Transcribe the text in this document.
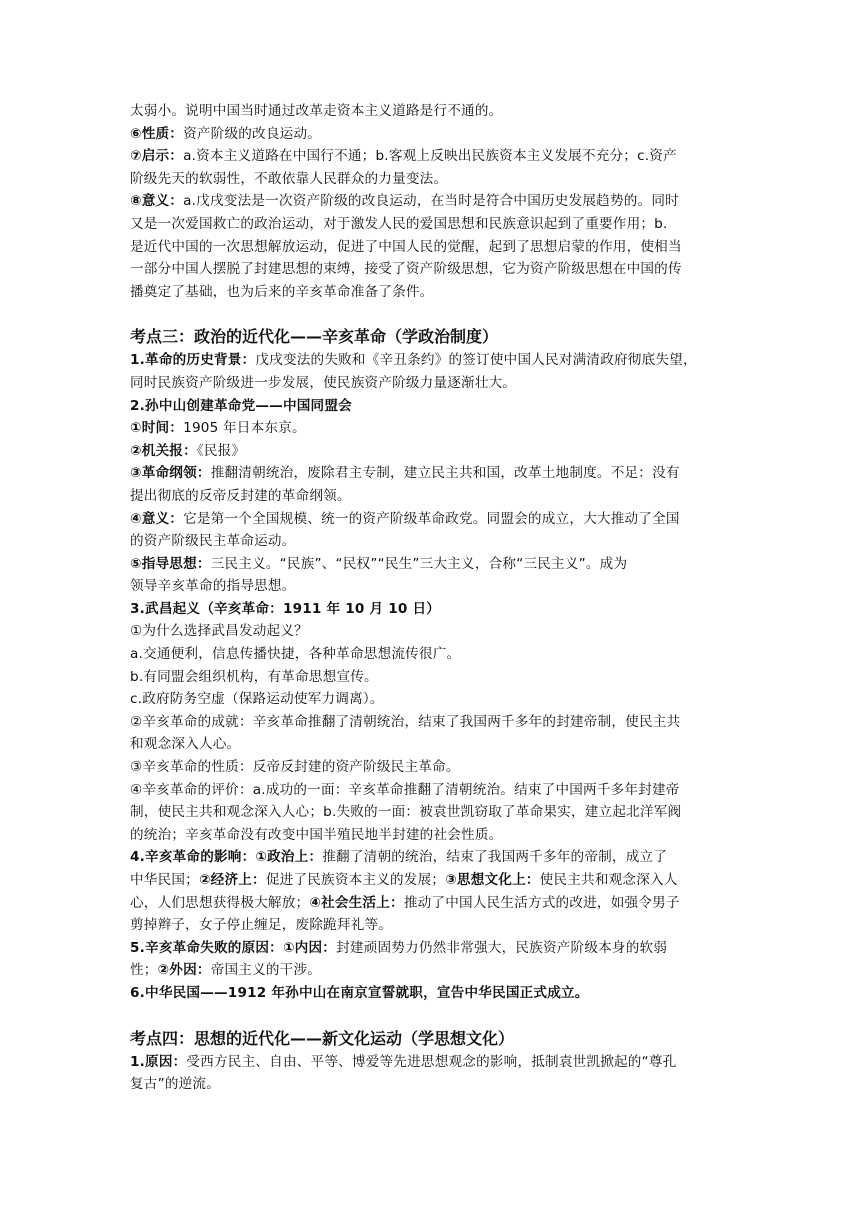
太弱小。说明中国当时通过改革走资本主义道路是行不通的。
⑥性质：资产阶级的改良运动。
⑦启示：a.资本主义道路在中国行不通；b.客观上反映出民族资本主义发展不充分；c.资产
阶级先天的软弱性，不敢依靠人民群众的力量变法。
⑧意义：a.戊戌变法是一次资产阶级的改良运动，在当时是符合中国历史发展趋势的。同时
又是一次爱国救亡的政治运动，对于激发人民的爱国思想和民族意识起到了重要作用；b.
是近代中国的一次思想解放运动，促进了中国人民的觉醒，起到了思想启蒙的作用，使相当
一部分中国人摆脱了封建思想的束缚，接受了资产阶级思想，它为资产阶级思想在中国的传
播奠定了基础，也为后来的辛亥革命准备了条件。
考点三：政治的近代化——辛亥革命（学政治制度）
1.革命的历史背景：戊戌变法的失败和《辛丑条约》的签订使中国人民对满清政府彻底失望，
同时民族资产阶级进一步发展，使民族资产阶级力量逐渐壮大。
2.孙中山创建革命党——中国同盟会
①时间：1905 年日本东京。
②机关报：《民报》
③革命纲领：推翻清朝统治，废除君主专制，建立民主共和国，改革土地制度。不足：没有
提出彻底的反帝反封建的革命纲领。
④意义：它是第一个全国规模、统一的资产阶级革命政党。同盟会的成立，大大推动了全国
的资产阶级民主革命运动。
⑤指导思想：三民主义。“民族”、“民权”“民生”三大主义，合称“三民主义”。成为
领导辛亥革命的指导思想。
3.武昌起义（辛亥革命：1911 年 10 月 10 日）
①为什么选择武昌发动起义？
a.交通便利，信息传播快捷，各种革命思想流传很广。
b.有同盟会组织机构，有革命思想宣传。
c.政府防务空虚（保路运动使军力调离）。
②辛亥革命的成就：辛亥革命推翻了清朝统治，结束了我国两千多年的封建帝制，使民主共
和观念深入人心。
③辛亥革命的性质：反帝反封建的资产阶级民主革命。
④辛亥革命的评价：a.成功的一面：辛亥革命推翻了清朝统治。结束了中国两千多年封建帝
制，使民主共和观念深入人心；b.失败的一面：被袁世凯窃取了革命果实，建立起北洋军阀
的统治；辛亥革命没有改变中国半殖民地半封建的社会性质。
4.辛亥革命的影响：①政治上：推翻了清朝的统治，结束了我国两千多年的帝制，成立了
中华民国；②经济上：促进了民族资本主义的发展；③思想文化上：使民主共和观念深入人
心，人们思想获得极大解放；④社会生活上：推动了中国人民生活方式的改进，如强令男子
剪掉辫子，女子停止缠足，废除跪拜礼等。
5.辛亥革命失败的原因：①内因：封建顽固势力仍然非常强大，民族资产阶级本身的软弱
性；②外因：帝国主义的干涉。
6.中华民国——1912 年孙中山在南京宣誓就职，宣告中华民国正式成立。
考点四：思想的近代化——新文化运动（学思想文化）
1.原因：受西方民主、自由、平等、博爱等先进思想观念的影响，抵制袁世凯掀起的“尊孔
复古”的逆流。
